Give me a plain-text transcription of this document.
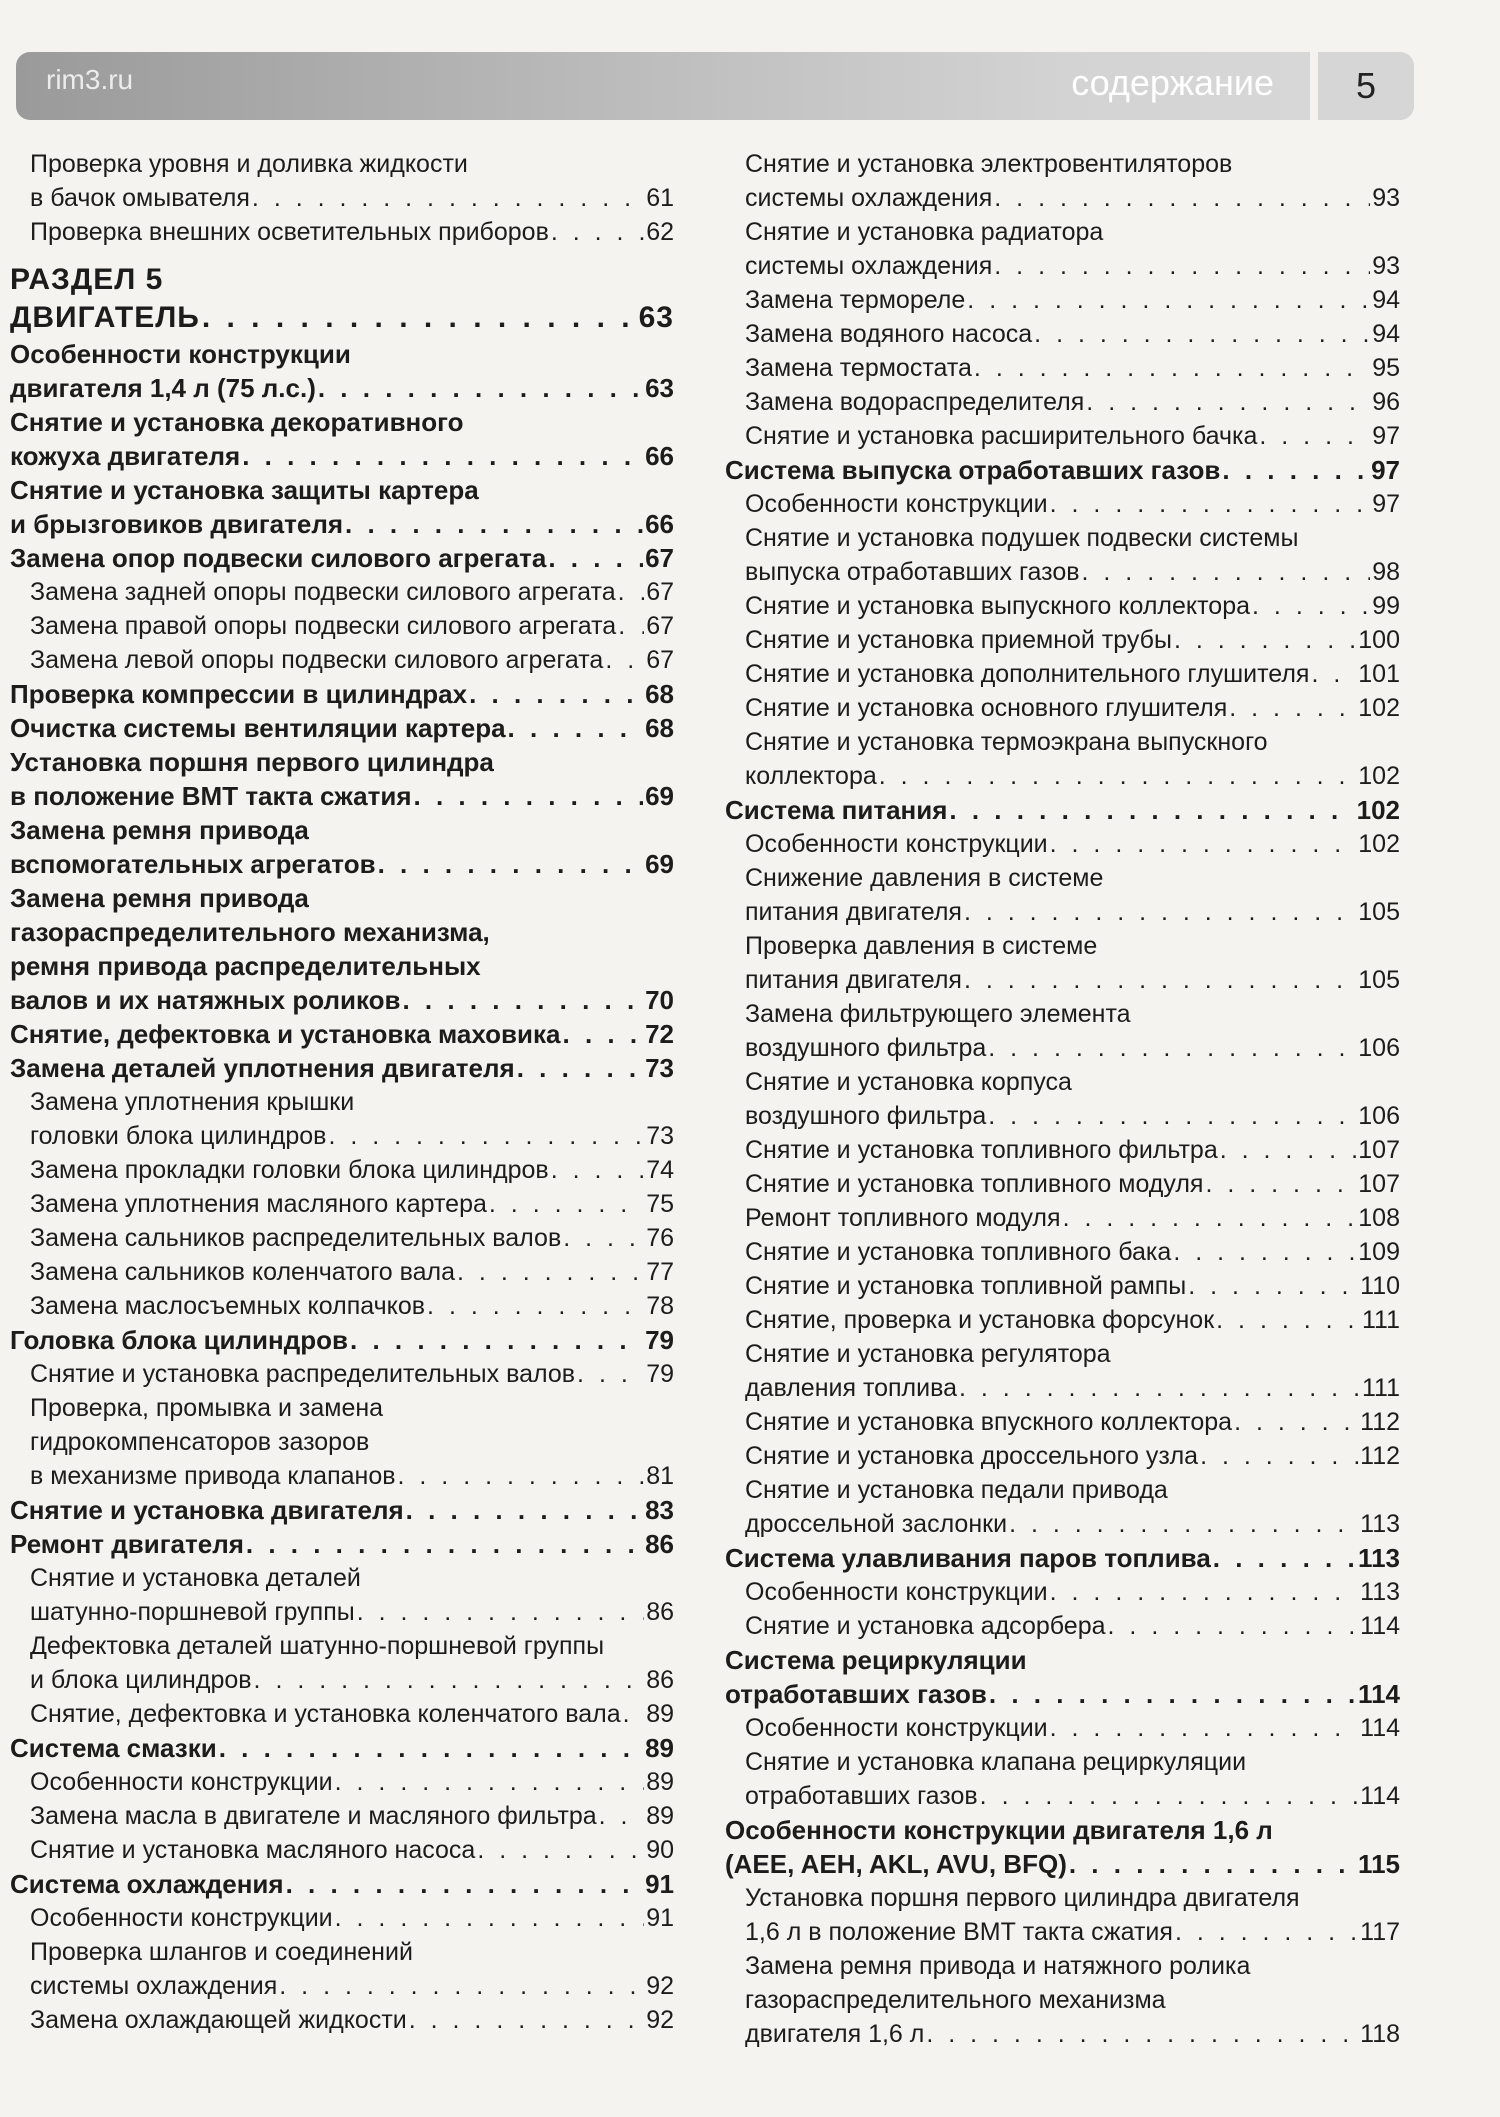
rim3.ru	содержание 5
Проверка уровня и доливка жидкости
в бачок омывателя . . .	61
Проверка внешних осветительных приборов . . .	62
РАЗДЕЛ 5
ДВИГАТЕЛЬ . . .	63
Особенности конструкции
двигателя 1,4 л (75 л.с.) . . .	63
Снятие и установка декоративного
кожуха двигателя . . .	66
Снятие и установка защиты картера
и брызговиков двигателя . . .	66
Замена опор подвески силового агрегата . . .	67
Замена задней опоры подвески силового агрегата . . . 67
Замена правой опоры подвески силового агрегата . . . 67
Замена левой опоры подвески силового агрегата . . . 67
Проверка компрессии в цилиндрах . . .	68
Очистка системы вентиляции картера . . .	68
Установка поршня первого цилиндра
в положение ВМТ такта сжатия . . .	69
Замена ремня привода
вспомогательных агрегатов . . .	69
Замена ремня привода
газораспределительного механизма,
ремня привода распределительных
валов и их натяжных роликов . . .	70
Снятие, дефектовка и установка маховика . . .	72
Замена деталей уплотнения двигателя . . .	73
Замена уплотнения крышки
головки блока цилиндров . . .	73
Замена прокладки головки блока цилиндров . . .	74
Замена уплотнения масляного картера . . .	75
Замена сальников распределительных валов . . .	76
Замена сальников коленчатого вала . . .	77
Замена маслосъемных колпачков . . .	78
Головка блока цилиндров . . .	79
Снятие и установка распределительных валов . . .	79
Проверка, промывка и замена
гидрокомпенсаторов зазоров
в механизме привода клапанов . . .	81
Снятие и установка двигателя . . .	83
Ремонт двигателя . . .	86
Снятие и установка деталей
шатунно-поршневой группы . . .	86
Дефектовка деталей шатунно-поршневой группы
и блока цилиндров . . .	86
Снятие, дефектовка и установка коленчатого вала . . . 89
Система смазки . . .	89
Особенности конструкции . . .	89
Замена масла в двигателе и масляного фильтра . . . 89
Снятие и установка масляного насоса . . .	90
Система охлаждения . . .	91
Особенности конструкции . . .	91
Проверка шлангов и соединений
системы охлаждения . . .	92
Замена охлаждающей жидкости . . .	92
Снятие и установка электровентиляторов
системы охлаждения . . .	93
Снятие и установка радиатора
системы охлаждения . . .	93
Замена терморелe . . .	94
Замена водяного насоса . . .	94
Замена термостата . . .	95
Замена водораспределителя . . .	96
Снятие и установка расширительного бачка . . .	97
Система выпуска отработавших газов . . .	97
Особенности конструкции . . .	97
Снятие и установка подушек подвески системы
выпуска отработавших газов . . .	98
Снятие и установка выпускного коллектора . . .	99
Снятие и установка приемной трубы . . .	100
Снятие и установка дополнительного глушителя . . . 101
Снятие и установка основного глушителя . . .	102
Снятие и установка термоэкрана выпускного
коллектора . . .	102
Система питания . . .	102
Особенности конструкции . . .	102
Снижение давления в системе
питания двигателя . . .	105
Проверка давления в системе
питания двигателя . . .	105
Замена фильтрующего элемента
воздушного фильтра . . .	106
Снятие и установка корпуса
воздушного фильтра . . .	106
Снятие и установка топливного фильтра . . .	107
Снятие и установка топливного модуля . . .	107
Ремонт топливного модуля . . .	108
Снятие и установка топливного бака . . .	109
Снятие и установка топливной рампы . . .	110
Снятие, проверка и установка форсунок . . .	111
Снятие и установка регулятора
давления топлива . . .	111
Снятие и установка впускного коллектора . . .	112
Снятие и установка дроссельного узла . . .	112
Снятие и установка педали привода
дроссельной заслонки . . .	113
Система улавливания паров топлива . . .	113
Особенности конструкции . . .	113
Снятие и установка адсорбера . . .	114
Система рециркуляции
отработавших газов . . .	114
Особенности конструкции . . .	114
Снятие и установка клапана рециркуляции
отработавших газов . . .	114
Особенности конструкции двигателя 1,6 л
(AEE, AEH, AKL, AVU, BFQ) . . .	115
Установка поршня первого цилиндра двигателя
1,6 л в положение ВМТ такта сжатия . . .	117
Замена ремня привода и натяжного ролика
газораспределительного механизма
двигателя 1,6 л . . .	118
